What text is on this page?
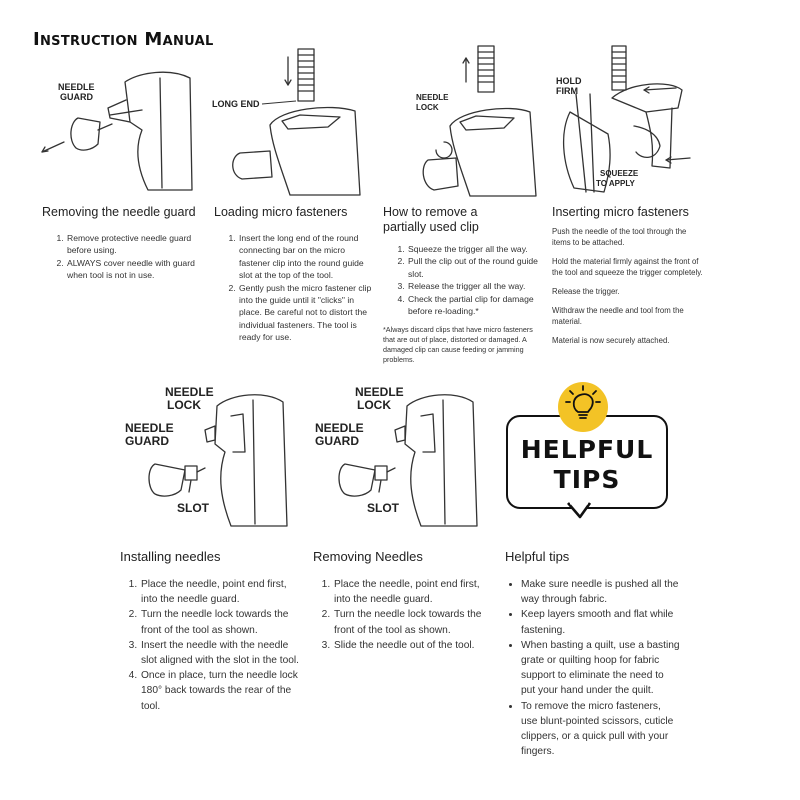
Instruction Manual
NEEDLE
GUARD
LONG END
NEEDLE
LOCK
HOLD
FIRM
SQUEEZE
TO APPLY
Removing the needle guard
1. Remove protective needle guard before using.
2. ALWAYS cover needle with guard when tool is not in use.
Loading micro fasteners
1. Insert the long end of the round connecting bar on the micro fastener clip into the round guide slot at the top of the tool.
2. Gently push the micro fastener clip into the guide until it "clicks" in place. Be careful not to distort the individual fasteners. The tool is ready for use.
How to remove a partially used clip
1. Squeeze the trigger all the way.
2. Pull the clip out of the round guide slot.
3. Release the trigger all the way.
4. Check the partial clip for damage before re-loading.*
*Always discard clips that have micro fasteners that are out of place, distorted or damaged. A damaged clip can cause feeding or jamming problems.
Inserting micro fasteners

Push the needle of the tool through the items to be attached.

Hold the material firmly against the front of the tool and squeeze the trigger completely.

Release the trigger.

Withdraw the needle and tool from the material.

Material is now securely attached.

NEEDLE
LOCK
NEEDLE
GUARD
SLOT
NEEDLE
LOCK
NEEDLE
GUARD
SLOT
HELPFUL
TIPS
Installing needles
1. Place the needle, point end first, into the needle guard.
2. Turn the needle lock towards the front of the tool as shown.
3. Insert the needle with the needle slot aligned with the slot in the tool.
4. Once in place, turn the needle lock 180° back towards the rear of the tool.
Removing Needles
1. Place the needle, point end first, into the needle guard.
2. Turn the needle lock towards the front of the tool as shown.
3. Slide the needle out of the tool.
Helpful tips
• Make sure needle is pushed all the way through fabric.
• Keep layers smooth and flat while fastening.
• When basting a quilt, use a basting grate or quilting hoop for fabric support to eliminate the need to put your hand under the quilt.
• To remove the micro fasteners, use blunt-pointed scissors, cuticle clippers, or a quick pull with your fingers.
